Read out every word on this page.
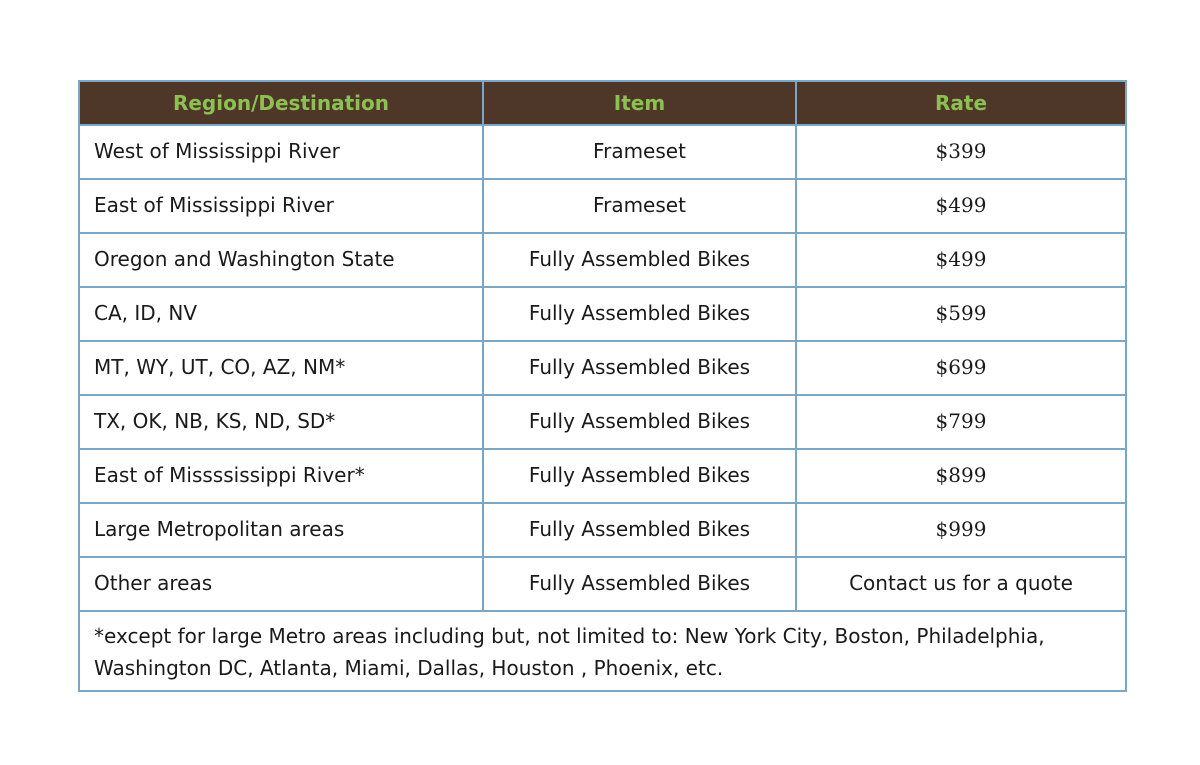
Region/Destination	Item	Rate
West of Mississippi River	Frameset	$399
East of Mississippi River	Frameset	$499
Oregon and Washington State	Fully Assembled Bikes	$499
CA, ID, NV	Fully Assembled Bikes	$599
MT, WY, UT, CO, AZ, NM*	Fully Assembled Bikes	$699
TX, OK, NB, KS, ND, SD*	Fully Assembled Bikes	$799
East of Missssissippi River*	Fully Assembled Bikes	$899
Large Metropolitan areas	Fully Assembled Bikes	$999
Other areas	Fully Assembled Bikes	Contact us for a quote
*except for large Metro areas including but, not limited to: New York City, Boston, Philadelphia, Washington DC, Atlanta, Miami, Dallas, Houston , Phoenix, etc.		
